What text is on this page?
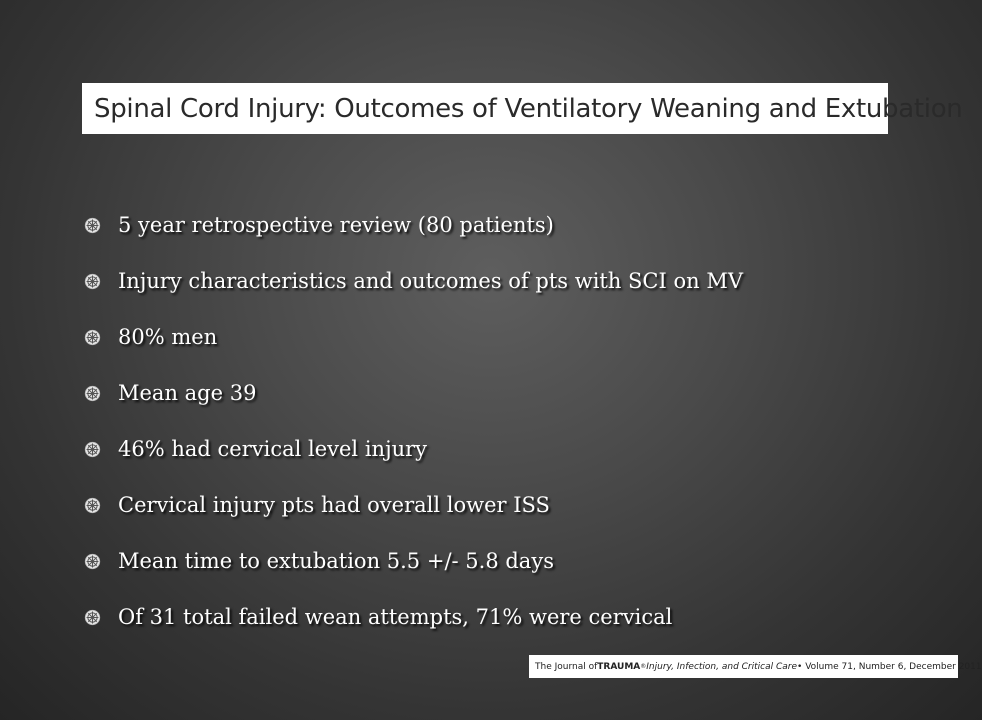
Spinal Cord Injury: Outcomes of Ventilatory Weaning and Extubation
5 year retrospective review (80 patients)
Injury characteristics and outcomes of pts with SCI on MV
80% men
Mean age 39
46% had cervical level injury
Cervical injury pts had overall lower ISS
Mean time to extubation 5.5 +/- 5.8 days
Of 31 total failed wean attempts, 71% were cervical
The Journal of TRAUMA ® Injury, Infection, and Critical Care • Volume 71, Number 6, December 2011
